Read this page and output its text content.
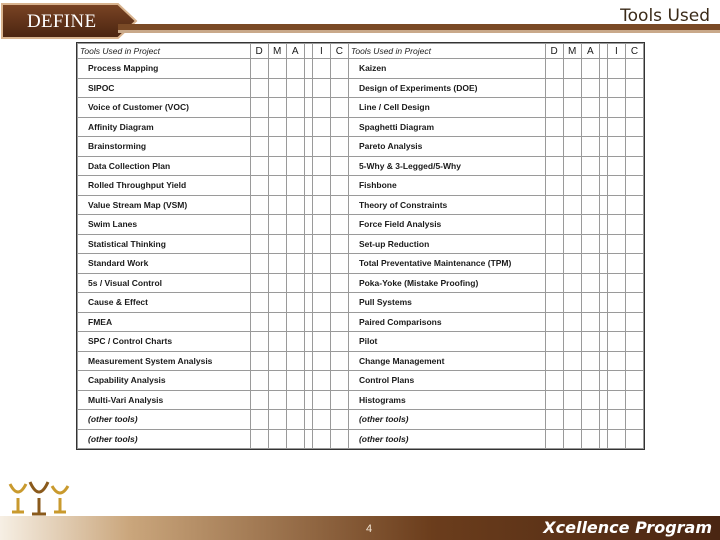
DEFINE	Tools Used
Tools Used in Project	D	M	A		I	C	Tools Used in Project	D	M	A		I	C
Process Mapping							Kaizen						
SIPOC							Design of Experiments (DOE)						
Voice of Customer (VOC)							Line / Cell Design						
Affinity Diagram							Spaghetti Diagram						
Brainstorming							Pareto Analysis						
Data Collection Plan							5-Why & 3-Legged/5-Why						
Rolled Throughput Yield							Fishbone						
Value Stream Map (VSM)							Theory of Constraints						
Swim Lanes							Force Field Analysis						
Statistical Thinking							Set-up Reduction						
Standard Work							Total Preventative Maintenance (TPM)						
5s / Visual Control							Poka-Yoke (Mistake Proofing)						
Cause & Effect							Pull Systems						
FMEA							Paired Comparisons						
SPC / Control Charts							Pilot						
Measurement System Analysis							Change Management						
Capability Analysis							Control Plans						
Multi-Vari Analysis							Histograms						
(other tools)							(other tools)						
(other tools)							(other tools)						
4	Xcellence Program
